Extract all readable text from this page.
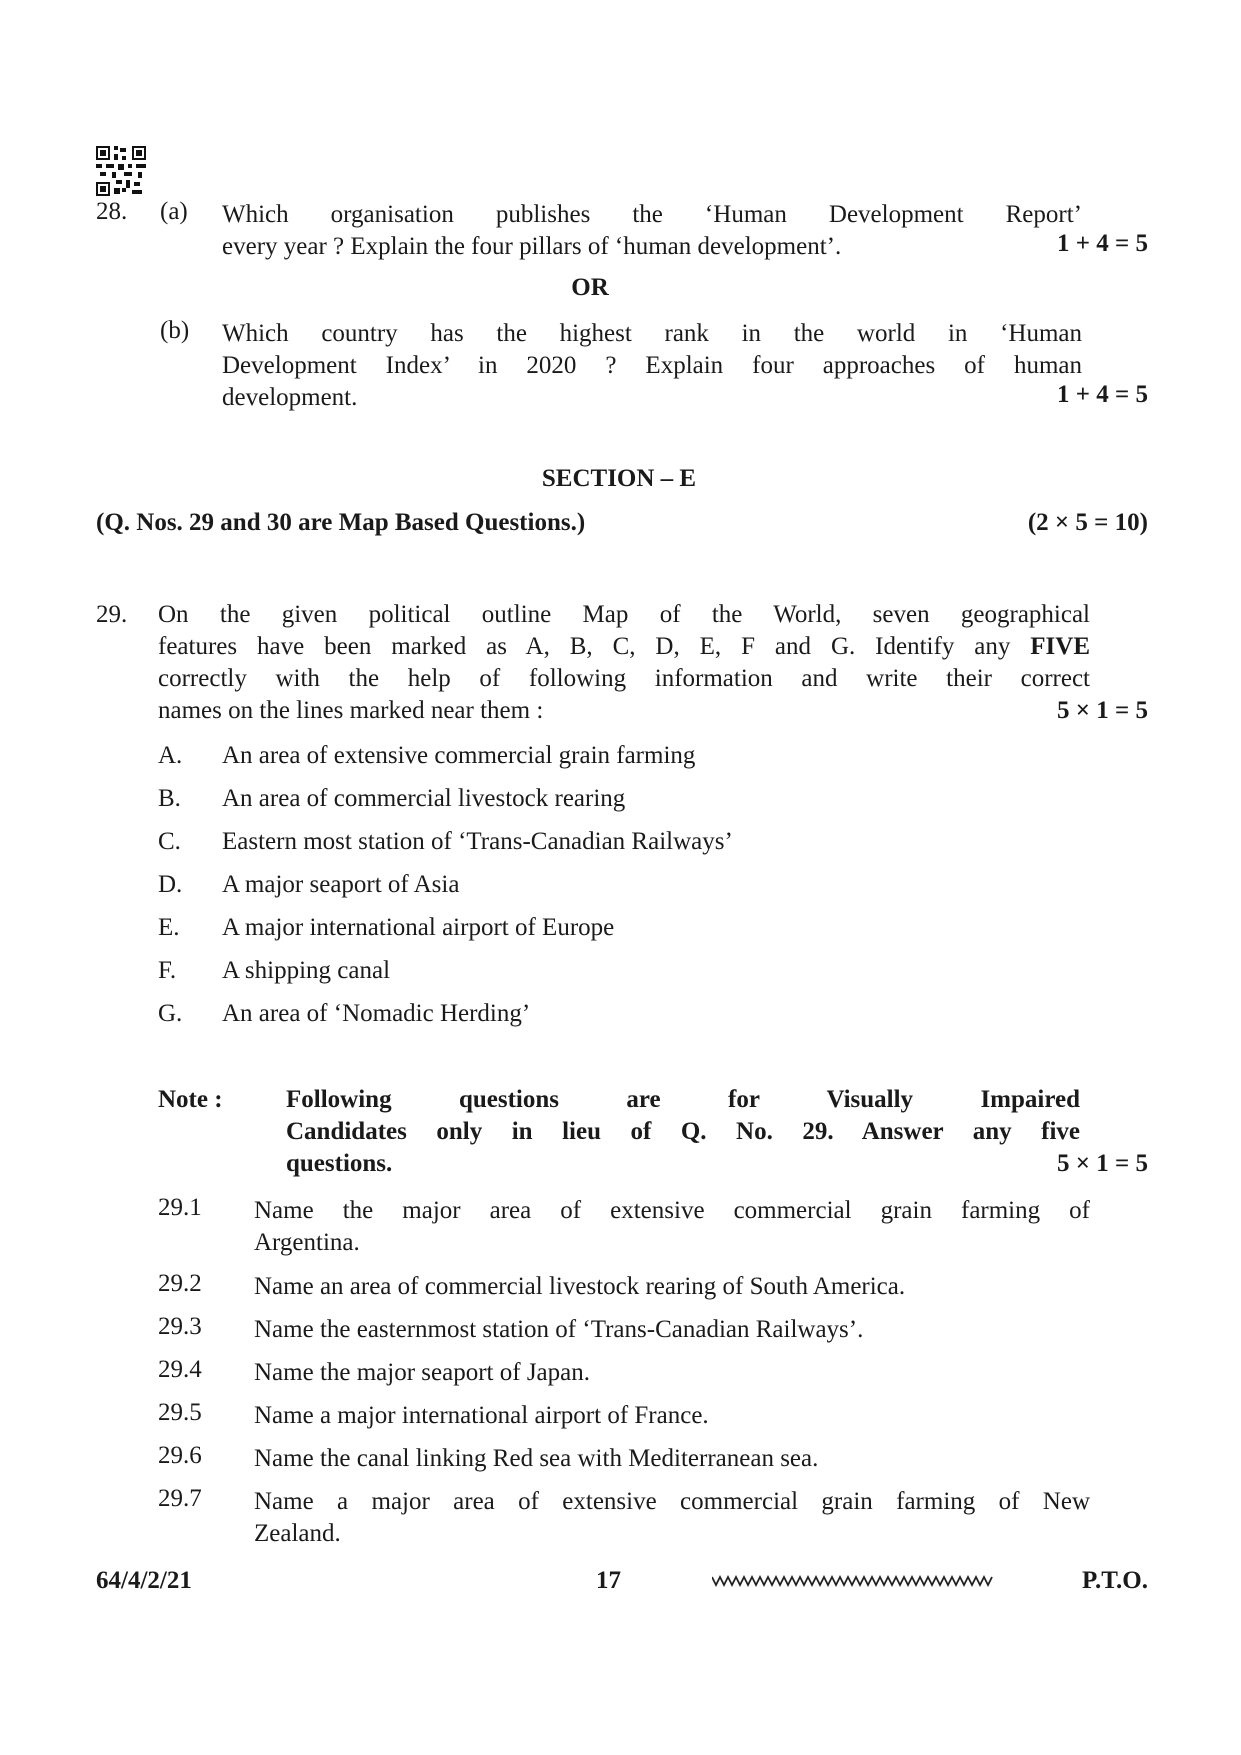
28. (a) Which organisation publishes the ‘Human Development Report’
every year ? Explain the four pillars of ‘human development’.	1 + 4 = 5
OR
(b) Which country has the highest rank in the world in ‘Human
Development Index’ in 2020 ? Explain four approaches of human
development.	1 + 4 = 5
SECTION – E
(Q. Nos. 29 and 30 are Map Based Questions.)	(2 × 5 = 10)
29. On the given political outline Map of the World, seven geographical
features have been marked as A, B, C, D, E, F and G. Identify any FIVE
correctly with the help of following information and write their correct
names on the lines marked near them :	5 × 1 = 5
A. An area of extensive commercial grain farming
B. An area of commercial livestock rearing
C. Eastern most station of ‘Trans-Canadian Railways’
D. A major seaport of Asia
E. A major international airport of Europe
F. A shipping canal
G. An area of ‘Nomadic Herding’
Note :	Following questions are for Visually Impaired
Candidates only in lieu of Q. No. 29. Answer any five
questions.	5 × 1 = 5
29.1 Name the major area of extensive commercial grain farming of
Argentina.
29.2 Name an area of commercial livestock rearing of South America.
29.3 Name the easternmost station of ‘Trans-Canadian Railways’.
29.4 Name the major seaport of Japan.
29.5 Name a major international airport of France.
29.6 Name the canal linking Red sea with Mediterranean sea.
29.7 Name a major area of extensive commercial grain farming of New
Zealand.
64/4/2/21	17	P.T.O.
